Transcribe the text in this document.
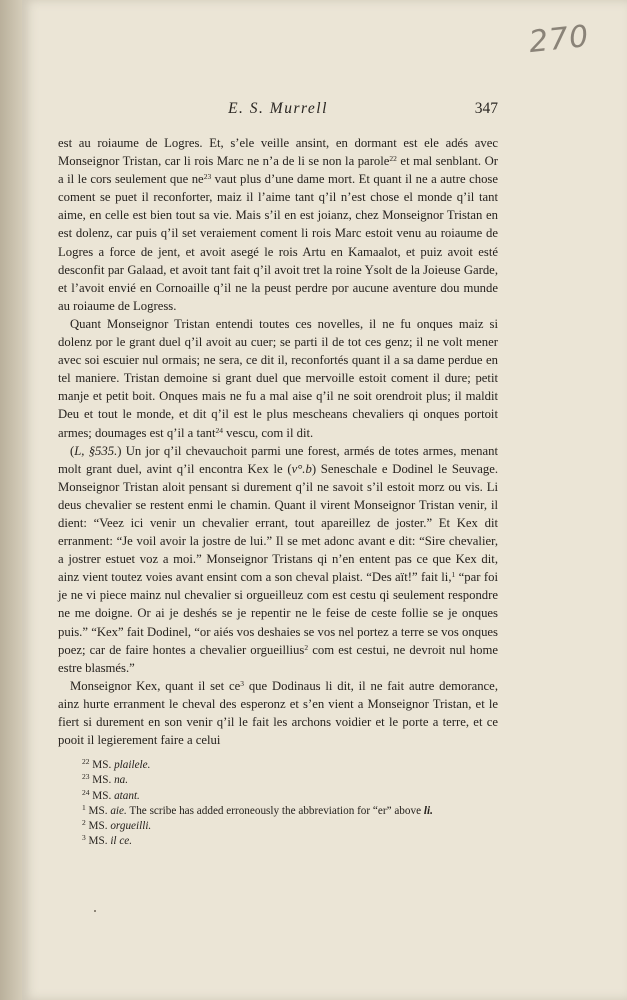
270
E. S. Murrell	347

est au roiaume de Logres. Et, s’ele veille ansint, en dormant est ele adés avec Monseignor Tristan, car li rois Marc ne n’a de li se non la parole$^{22}$ et mal senblant. Or a il le cors seulement que $ne^{23}$ vaut plus d’une dame mort. Et quant il ne a autre chose coment se puet il reconforter, maiz il l’aime tant q’il n’est chose el monde q’il tant aime, en celle est bien tout sa vie. Mais s’il en est joianz, chez Monseignor Tristan en est dolenz, car puis q’il set veraiement coment li rois Marc estoit venu au roiaume de Logres a force de jent, et avoit asegé le rois Artu en Kamaalot, et puiz avoit esté desconfit par Galaad, et avoit tant fait q’il avoit tret la roine Ysolt de la Joieuse Garde, et l’avoit envié en Cornoaille q’il ne la peust perdre por aucune aventure dou munde au roiaume de Logress.

Quant Monseignor Tristan entendi toutes ces novelles, il ne fu onques maiz si dolenz por le grant duel q’il avoit au cuer; se parti il de tot ces genz; il ne volt mener avec soi escuier nul ormais; ne sera, ce dit il, reconfortés quant il a sa dame perdue en tel maniere. Tristan demoine si grant duel que mervoille estoit coment il dure; petit manje et petit boit. Onques mais ne fu a mal aise q’il ne soit orendroit plus; il maldit Deu et tout le monde, et dit q’il est le plus mescheans chevaliers qi onques portoit armes; doumages est q’il a tant$^{24}$ vescu, com il dit.

(L, §535.) Un jor q’il chevauchoit parmi une forest, armés de totes armes, menant molt grant duel, avint q’il encontra Kex le (v°.b) Seneschale e Dodinel le Seuvage. Monseignor Tristan aloit pensant si durement q’il ne savoit s’il estoit morz ou vis. Li deus chevalier se restent enmi le chamin. Quant il virent Monseignor Tristan venir, il dient: “Veez ici venir un chevalier errant, tout apareillez de joster.” Et Kex dit erranment: “Je voil avoir la jostre de lui.” Il se met adonc avant e dit: “Sire chevalier, a jostrer estuet voz a moi.” Monseignor Tristans qi n’en entent pas ce que Kex dit, ainz vient toutez voies avant ensint com a son cheval plaist. “Des aït!” fait li,$^1$ “par foi je ne vi piece mainz nul chevalier si orgueilleuz com est cestu qi seulement respondre ne me doigne. Or ai je deshés se je repentir ne le feise de ceste follie se je onques puis.” “Kex” fait Dodinel, “or aiés vos deshaies se vos nel portez a terre se vos onques poez; car de faire hontes a chevalier orgueillius$^2$ com est cestui, ne devroit nul home estre blasmés.”

Monseignor Kex, quant il set $ce^3$ que Dodinaus li dit, il ne fait autre demorance, ainz hurte erranment le cheval des esperonz et s’en vient a Monseignor Tristan, et le fiert si durement en son venir q’il le fait les archons voidier et le porte a terre, et ce pooit il legierement faire a celui

$^{22}$ MS. plailele.
$^{23}$ MS. na.
$^{24}$ MS. atant.
$^1$ MS. aie. The scribe has added erroneously the abbreviation for “er” above li.
$^2$ MS. orgueilli.
$^3$ MS. il ce.
